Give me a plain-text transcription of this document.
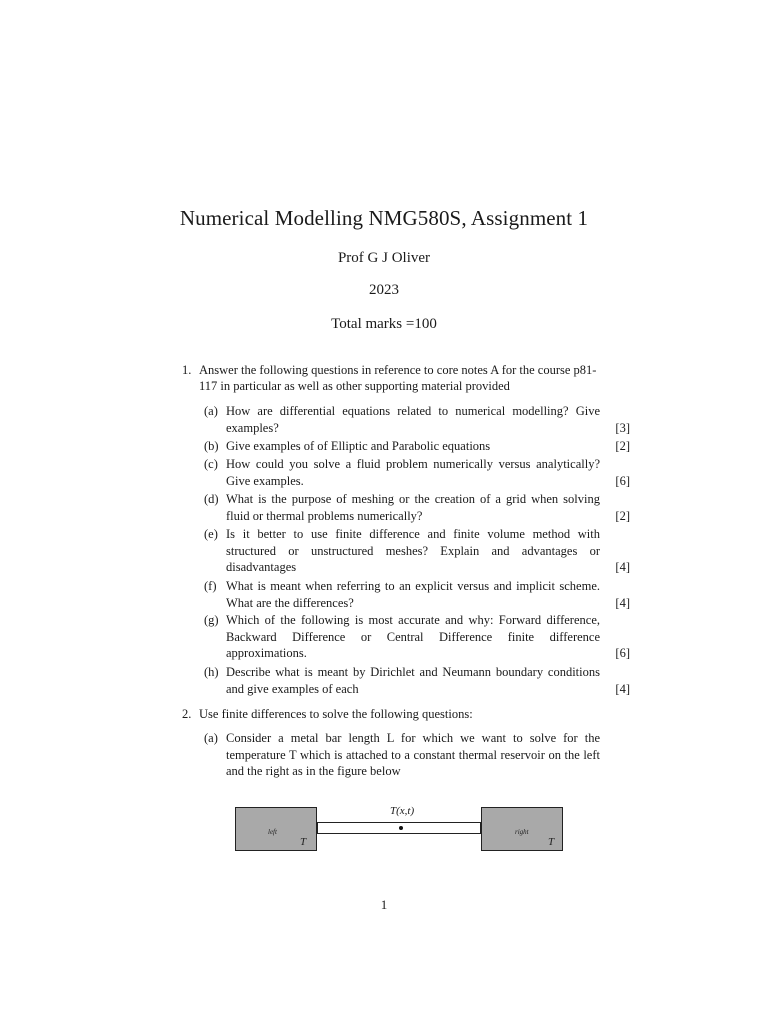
Numerical Modelling NMG580S, Assignment 1
Prof G J Oliver
2023
Total marks =100
1. Answer the following questions in reference to core notes A for the course p81-117 in particular as well as other supporting material provided
(a) How are differential equations related to numerical modelling? Give examples?	[3]
(b) Give examples of of Elliptic and Parabolic equations	[2]
(c) How could you solve a fluid problem numerically versus analytically? Give examples.	[6]
(d) What is the purpose of meshing or the creation of a grid when solving fluid or thermal problems numerically?	[2]
(e) Is it better to use finite difference and finite volume method with structured or unstructured meshes? Explain and advantages or disadvantages	[4]
(f) What is meant when referring to an explicit versus and implicit scheme. What are the differences?	[4]
(g) Which of the following is most accurate and why: Forward difference, Backward Difference or Central Difference finite difference approximations.	[6]
(h) Describe what is meant by Dirichlet and Neumann boundary conditions and give examples of each	[4]
2. Use finite differences to solve the following questions:
(a) Consider a metal bar length L for which we want to solve for the temperature T which is attached to a constant thermal reservoir on the left and the right as in the figure below
T
$_{left}$
T(x,t)
T
$_{right}$
1
